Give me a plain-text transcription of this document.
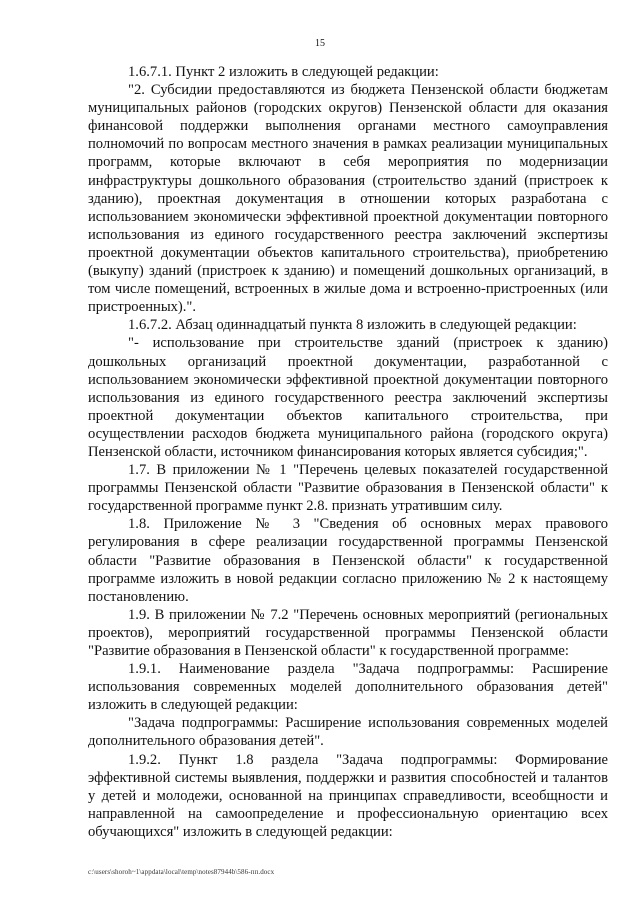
15

1.6.7.1. Пункт 2 изложить в следующей редакции:

"2. Субсидии предоставляются из бюджета Пензенской области бюджетам муниципальных районов (городских округов) Пензенской области для оказания финансовой поддержки выполнения органами местного самоуправления полномочий по вопросам местного значения в рамках реализации муниципальных программ, которые включают в себя мероприятия по модернизации инфраструктуры дошкольного образования (строительство зданий (пристроек к зданию), проектная документация в отношении которых разработана с использованием экономически эффективной проектной документации повторного использования из единого государственного реестра заключений экспертизы проектной документации объектов капитального строительства), приобретению (выкупу) зданий (пристроек к зданию) и помещений дошкольных организаций, в том числе помещений, встроенных в жилые дома и встроенно-пристроенных (или пристроенных).".

1.6.7.2. Абзац одиннадцатый пункта 8 изложить в следующей редакции:

"- использование при строительстве зданий (пристроек к зданию) дошкольных организаций проектной документации, разработанной с использованием экономически эффективной проектной документации повторного использования из единого государственного реестра заключений экспертизы проектной документации объектов капитального строительства, при осуществлении расходов бюджета муниципального района (городского округа) Пензенской области, источником финансирования которых является субсидия;".

1.7. В приложении № 1 "Перечень целевых показателей государственной программы Пензенской области "Развитие образования в Пензенской области" к государственной программе пункт 2.8. признать утратившим силу.

1.8. Приложение № 3 "Сведения об основных мерах правового регулирования в сфере реализации государственной программы Пензенской области "Развитие образования в Пензенской области" к государственной программе изложить в новой редакции согласно приложению № 2 к настоящему постановлению.

1.9. В приложении № 7.2 "Перечень основных мероприятий (региональных проектов), мероприятий государственной программы Пензенской области "Развитие образования в Пензенской области" к государственной программе:

1.9.1. Наименование раздела "Задача подпрограммы: Расширение использования современных моделей дополнительного образования детей" изложить в следующей редакции:

"Задача подпрограммы: Расширение использования современных моделей дополнительного образования детей".

1.9.2. Пункт 1.8 раздела "Задача подпрограммы: Формирование эффективной системы выявления, поддержки и развития способностей и талантов у детей и молодежи, основанной на принципах справедливости, всеобщности и направленной на самоопределение и профессиональную ориентацию всех обучающихся" изложить в следующей редакции:

c:\users\shoroh~1\appdata\local\temp\notes87944b\586-пп.docx
